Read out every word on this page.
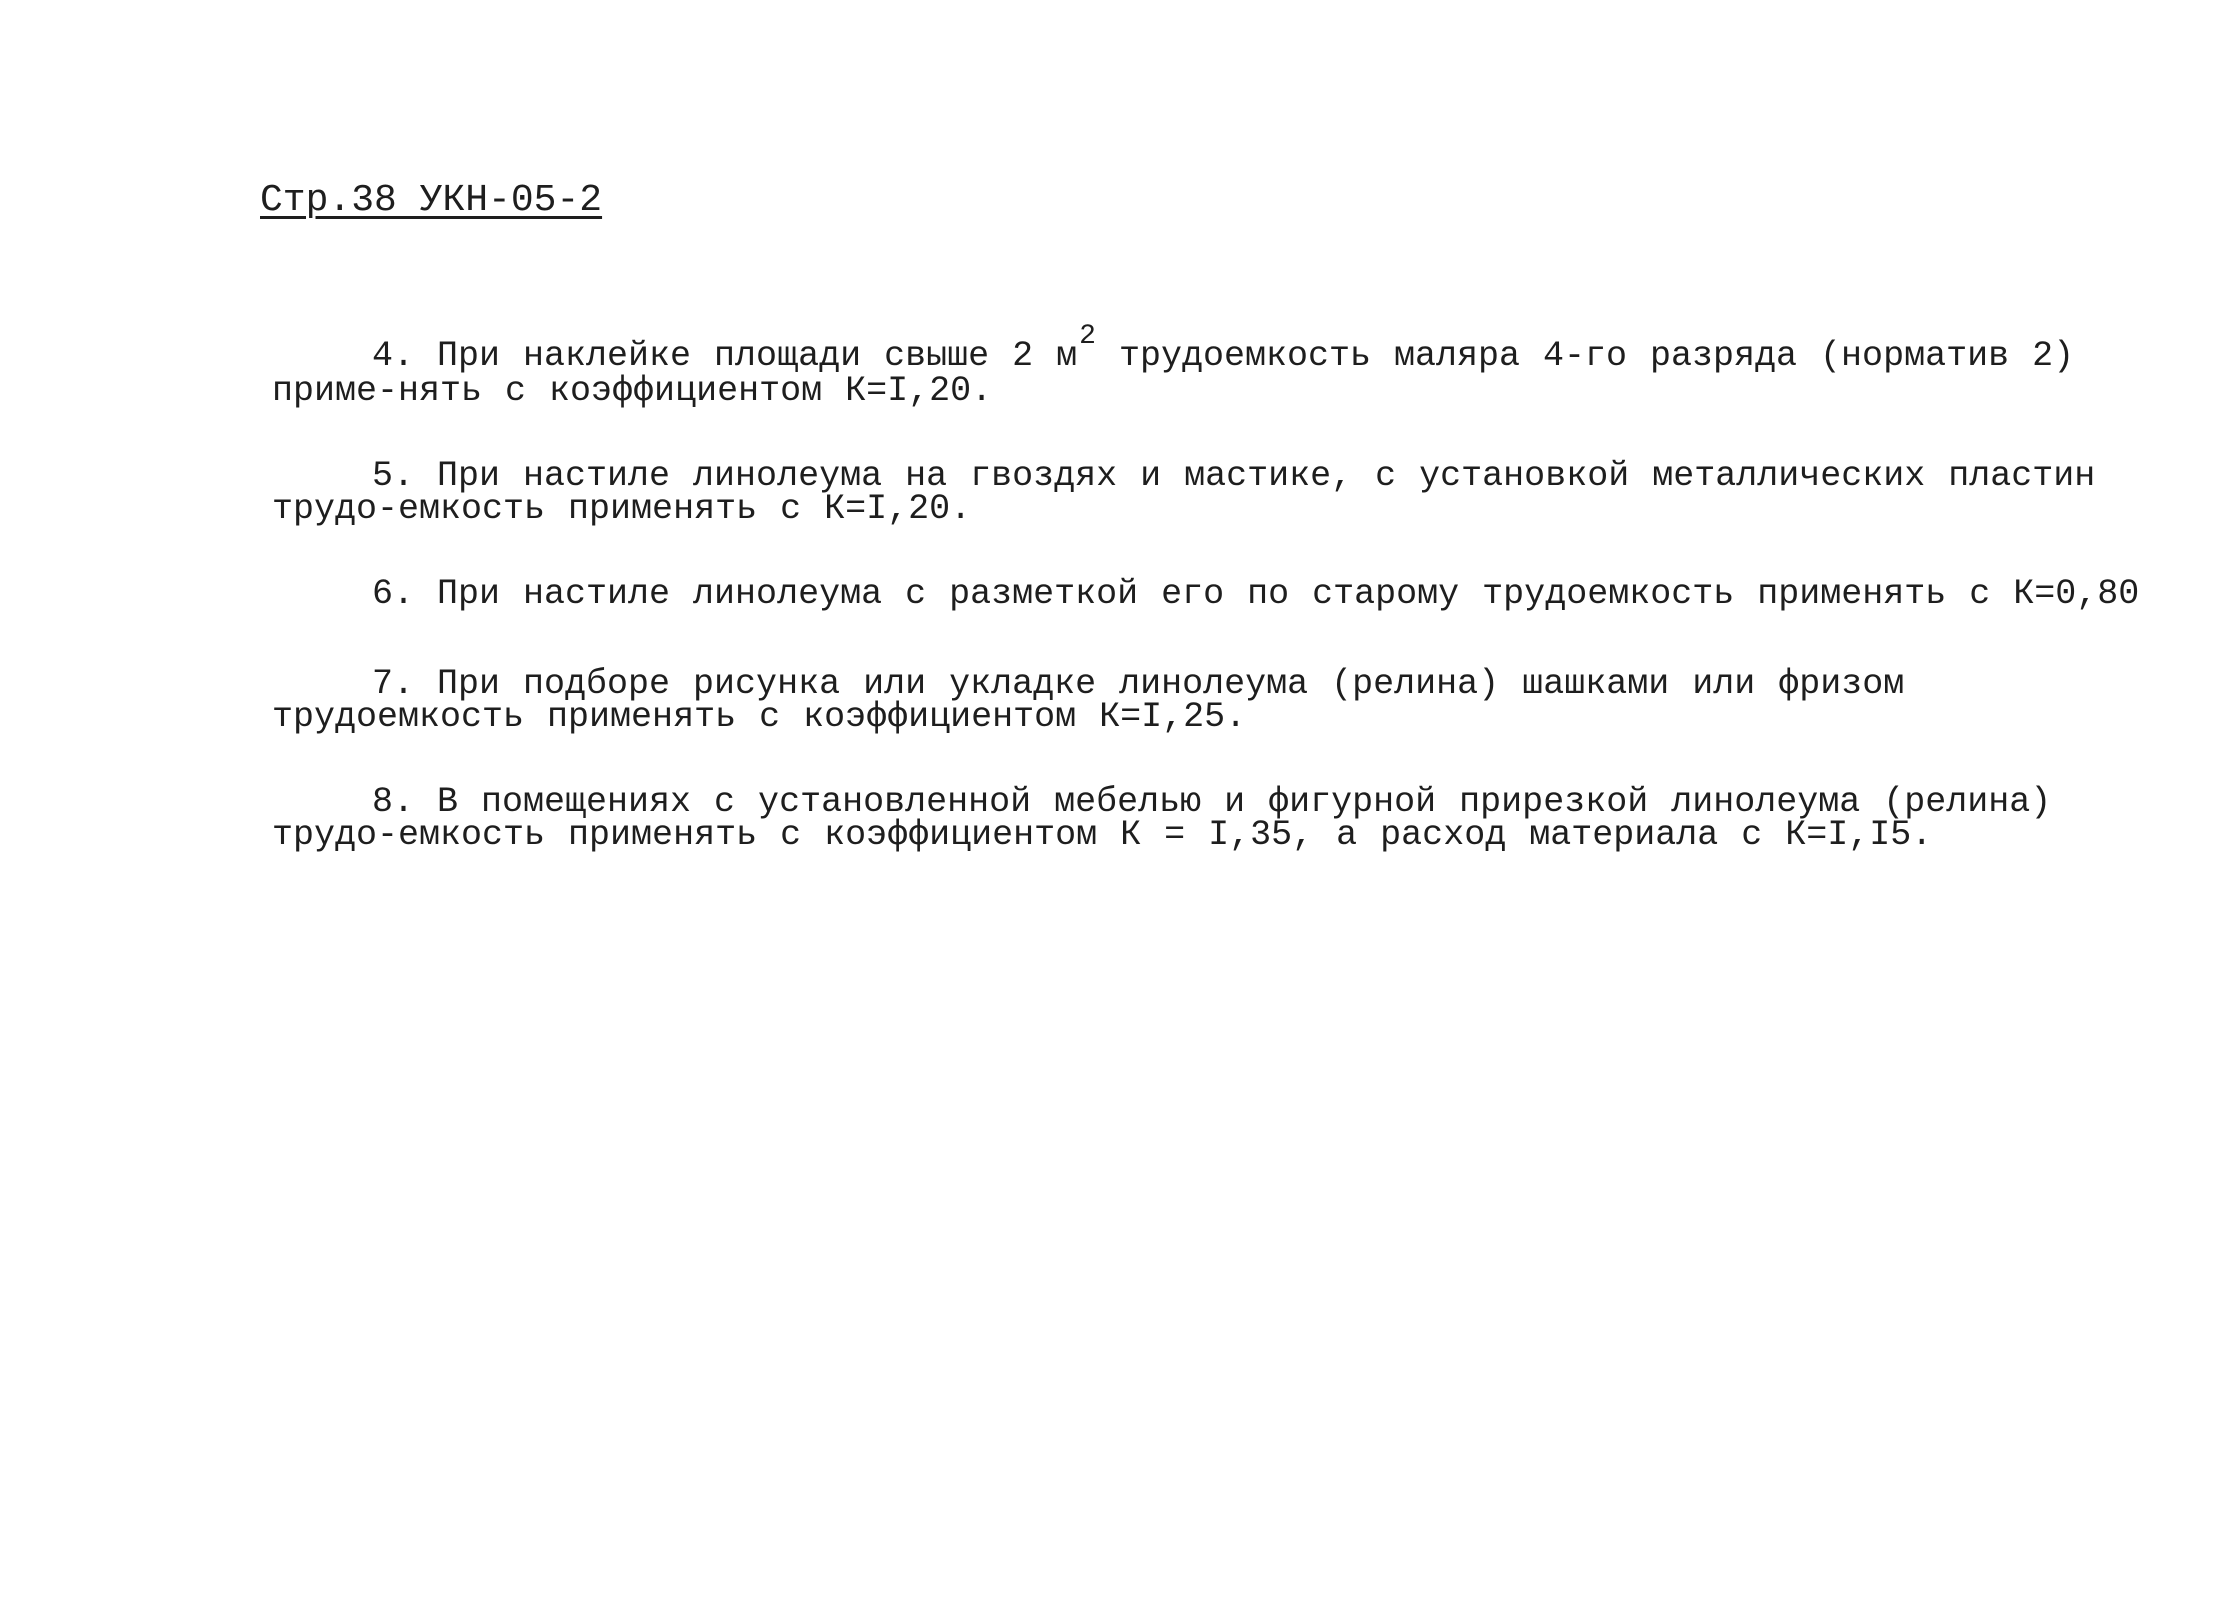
Стр.38 УКН-05-2

4. При наклейке площади свыше 2 $м^2$ трудоемкость маляра 4-го разряда (норматив 2) приме-нять с коэффициентом К=I,20.

5. При настиле линолеума на гвоздях и мастике, с установкой металлических пластин трудо-емкость применять с К=I,20.

6. При настиле линолеума с разметкой его по старому трудоемкость применять с К=0,80

7. При подборе рисунка или укладке линолеума (релина) шашками или фризом трудоемкость применять с коэффициентом К=I,25.

8. В помещениях с установленной мебелью и фигурной прирезкой линолеума (релина) трудо-емкость применять с коэффициентом К = I,35, а расход материала с К=I,I5.
